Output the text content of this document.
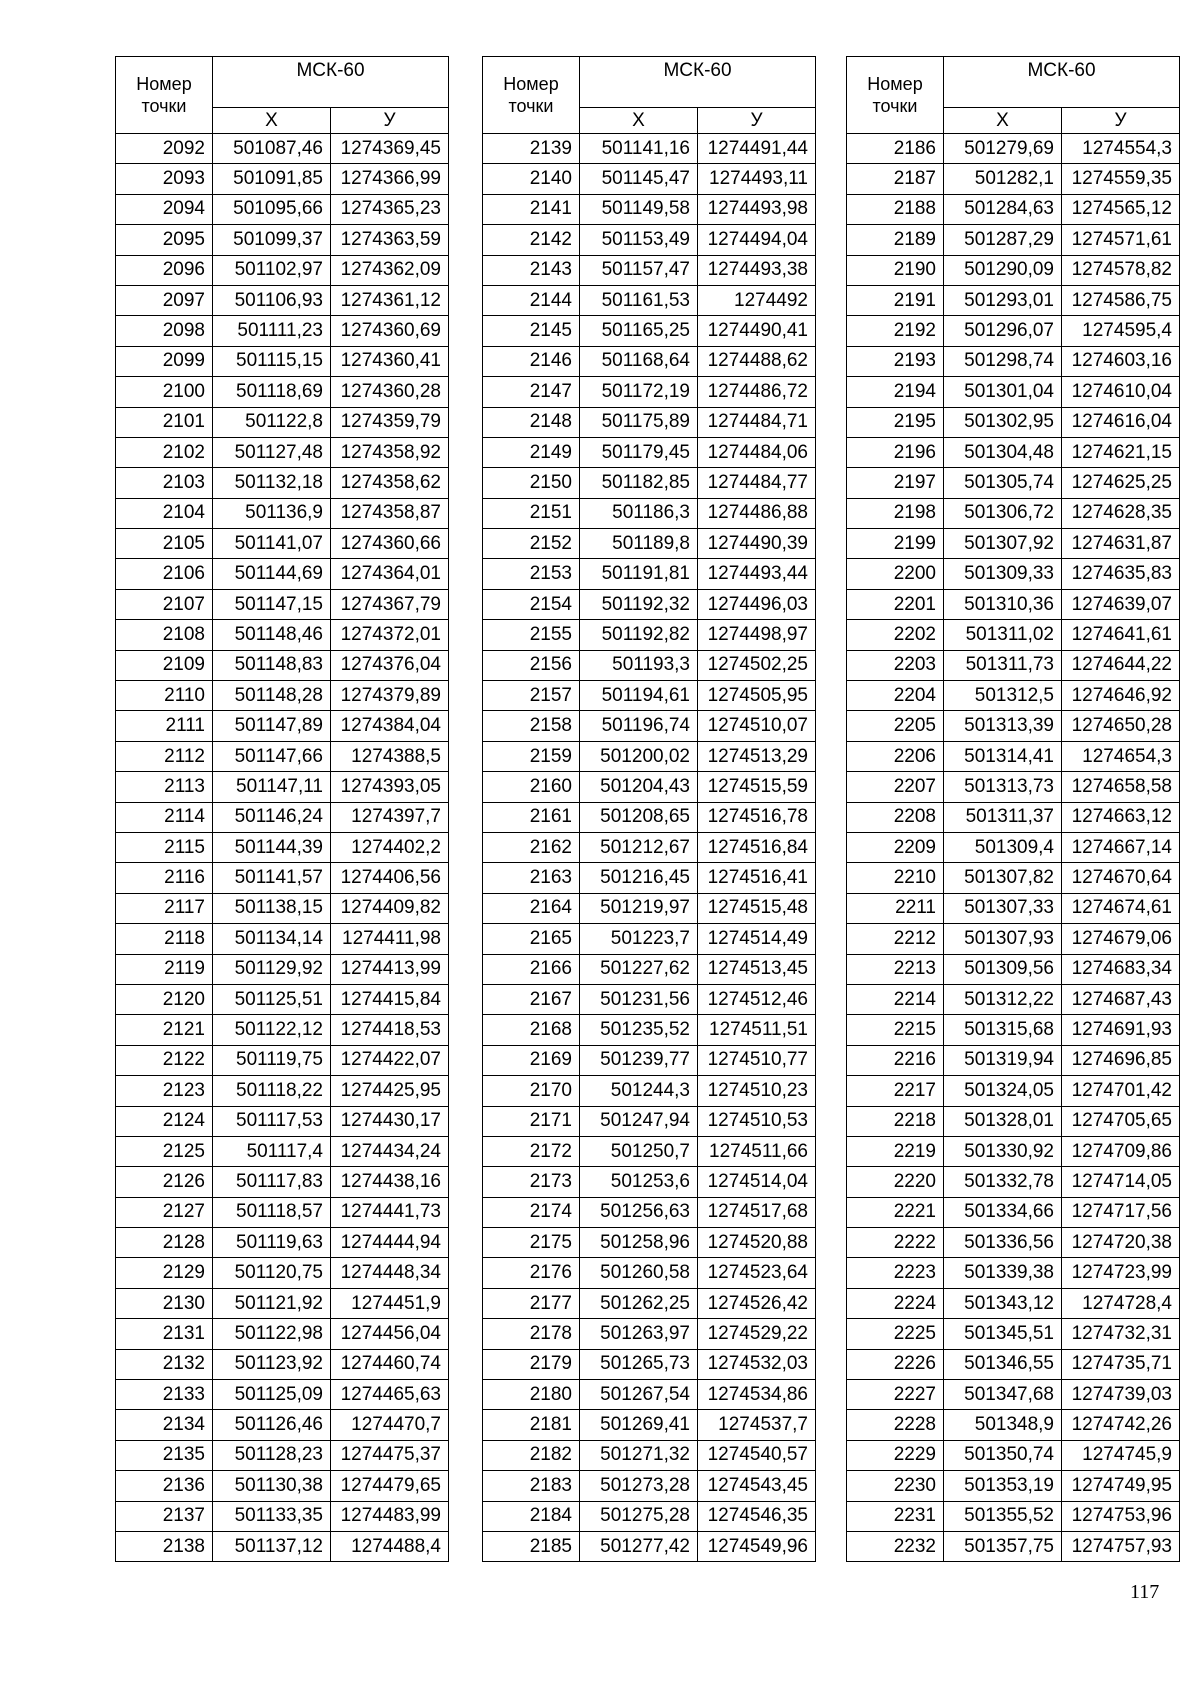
Номер точки	МСК-60	
	Х	У
2092	501087,46	1274369,45
2093	501091,85	1274366,99
2094	501095,66	1274365,23
2095	501099,37	1274363,59
2096	501102,97	1274362,09
2097	501106,93	1274361,12
2098	501111,23	1274360,69
2099	501115,15	1274360,41
2100	501118,69	1274360,28
2101	501122,8	1274359,79
2102	501127,48	1274358,92
2103	501132,18	1274358,62
2104	501136,9	1274358,87
2105	501141,07	1274360,66
2106	501144,69	1274364,01
2107	501147,15	1274367,79
2108	501148,46	1274372,01
2109	501148,83	1274376,04
2110	501148,28	1274379,89
2111	501147,89	1274384,04
2112	501147,66	1274388,5
2113	501147,11	1274393,05
2114	501146,24	1274397,7
2115	501144,39	1274402,2
2116	501141,57	1274406,56
2117	501138,15	1274409,82
2118	501134,14	1274411,98
2119	501129,92	1274413,99
2120	501125,51	1274415,84
2121	501122,12	1274418,53
2122	501119,75	1274422,07
2123	501118,22	1274425,95
2124	501117,53	1274430,17
2125	501117,4	1274434,24
2126	501117,83	1274438,16
2127	501118,57	1274441,73
2128	501119,63	1274444,94
2129	501120,75	1274448,34
2130	501121,92	1274451,9
2131	501122,98	1274456,04
2132	501123,92	1274460,74
2133	501125,09	1274465,63
2134	501126,46	1274470,7
2135	501128,23	1274475,37
2136	501130,38	1274479,65
2137	501133,35	1274483,99
2138	501137,12	1274488,4
Номер точки	МСК-60	
	Х	У
2139	501141,16	1274491,44
2140	501145,47	1274493,11
2141	501149,58	1274493,98
2142	501153,49	1274494,04
2143	501157,47	1274493,38
2144	501161,53	1274492
2145	501165,25	1274490,41
2146	501168,64	1274488,62
2147	501172,19	1274486,72
2148	501175,89	1274484,71
2149	501179,45	1274484,06
2150	501182,85	1274484,77
2151	501186,3	1274486,88
2152	501189,8	1274490,39
2153	501191,81	1274493,44
2154	501192,32	1274496,03
2155	501192,82	1274498,97
2156	501193,3	1274502,25
2157	501194,61	1274505,95
2158	501196,74	1274510,07
2159	501200,02	1274513,29
2160	501204,43	1274515,59
2161	501208,65	1274516,78
2162	501212,67	1274516,84
2163	501216,45	1274516,41
2164	501219,97	1274515,48
2165	501223,7	1274514,49
2166	501227,62	1274513,45
2167	501231,56	1274512,46
2168	501235,52	1274511,51
2169	501239,77	1274510,77
2170	501244,3	1274510,23
2171	501247,94	1274510,53
2172	501250,7	1274511,66
2173	501253,6	1274514,04
2174	501256,63	1274517,68
2175	501258,96	1274520,88
2176	501260,58	1274523,64
2177	501262,25	1274526,42
2178	501263,97	1274529,22
2179	501265,73	1274532,03
2180	501267,54	1274534,86
2181	501269,41	1274537,7
2182	501271,32	1274540,57
2183	501273,28	1274543,45
2184	501275,28	1274546,35
2185	501277,42	1274549,96
Номер точки	МСК-60	
	Х	У
2186	501279,69	1274554,3
2187	501282,1	1274559,35
2188	501284,63	1274565,12
2189	501287,29	1274571,61
2190	501290,09	1274578,82
2191	501293,01	1274586,75
2192	501296,07	1274595,4
2193	501298,74	1274603,16
2194	501301,04	1274610,04
2195	501302,95	1274616,04
2196	501304,48	1274621,15
2197	501305,74	1274625,25
2198	501306,72	1274628,35
2199	501307,92	1274631,87
2200	501309,33	1274635,83
2201	501310,36	1274639,07
2202	501311,02	1274641,61
2203	501311,73	1274644,22
2204	501312,5	1274646,92
2205	501313,39	1274650,28
2206	501314,41	1274654,3
2207	501313,73	1274658,58
2208	501311,37	1274663,12
2209	501309,4	1274667,14
2210	501307,82	1274670,64
2211	501307,33	1274674,61
2212	501307,93	1274679,06
2213	501309,56	1274683,34
2214	501312,22	1274687,43
2215	501315,68	1274691,93
2216	501319,94	1274696,85
2217	501324,05	1274701,42
2218	501328,01	1274705,65
2219	501330,92	1274709,86
2220	501332,78	1274714,05
2221	501334,66	1274717,56
2222	501336,56	1274720,38
2223	501339,38	1274723,99
2224	501343,12	1274728,4
2225	501345,51	1274732,31
2226	501346,55	1274735,71
2227	501347,68	1274739,03
2228	501348,9	1274742,26
2229	501350,74	1274745,9
2230	501353,19	1274749,95
2231	501355,52	1274753,96
2232	501357,75	1274757,93
117
